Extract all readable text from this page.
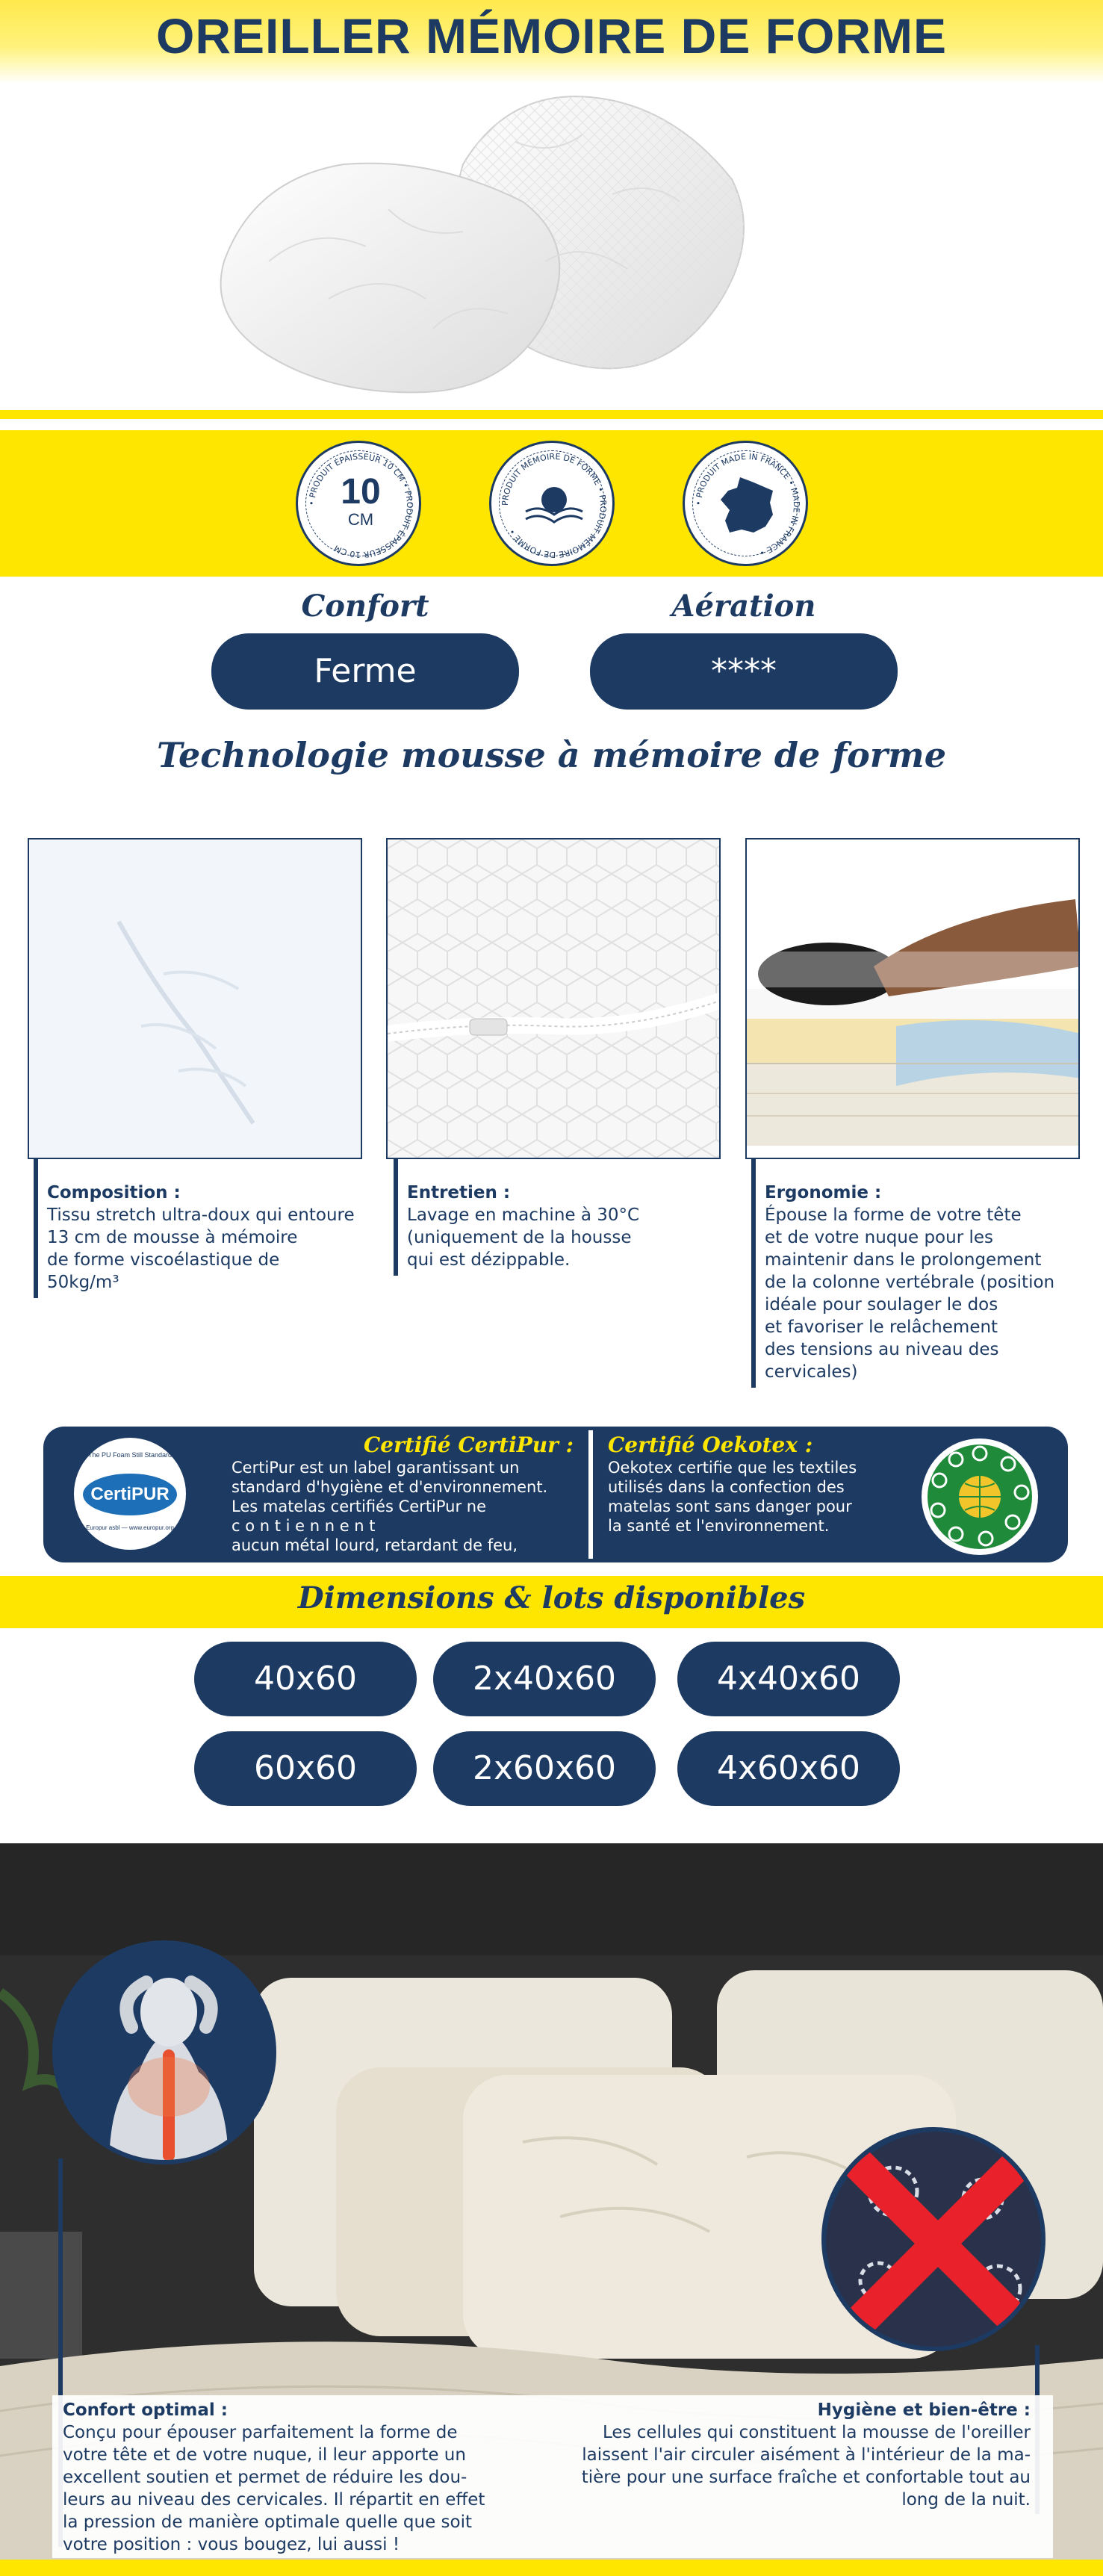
OREILLER MÉMOIRE DE FORME
• PRODUIT ÉPAISSEUR 10 CM • PRODUIT ÉPAISSEUR 10 CM
10
CM
PRODUIT MÉMOIRE DE FORME • PRODUIT MÉMOIRE DE FORME •
• PRODUIT MADE IN FRANCE • MADE IN FRANCE •
Confort	Aération
Ferme	****
Technologie mousse à mémoire de forme
Composition :
Tissu stretch ultra-doux qui entoure
13 cm de mousse à mémoire
de forme viscoélastique de 50kg/m³
Entretien :
Lavage en machine à 30°C
(uniquement de la housse
qui est dézippable.
Ergonomie :
Épouse la forme de votre tête
et de votre nuque pour les
maintenir dans le prolongement
de la colonne vertébrale (position
idéale pour soulager le dos
et favoriser le relâchement
des tensions au niveau des
cervicales)
The PU Foam Still Standard
CertiPUR
Europur asbl — www.europur.org
Certifié CertiPur :
CertiPur est un label garantissant un
standard d'hygiène et d'environnement.
Les matelas certifiés CertiPur ne
c o n t i e n n e n t
aucun métal lourd, retardant de feu,
Certifié Oekotex :
Oekotex certifie que les textiles
utilisés dans la confection des
matelas sont sans danger pour
la santé et l'environnement.
Dimensions & lots disponibles
40x60	2x40x60	4x40x60
60x60	2x60x60	4x60x60
Confort optimal :
Conçu pour épouser parfaitement la forme de
votre tête et de votre nuque, il leur apporte un
excellent soutien et permet de réduire les dou-
leurs au niveau des cervicales. Il répartit en effet
la pression de manière optimale quelle que soit
votre position : vous bougez, lui aussi !
Hygiène et bien-être :
Les cellules qui constituent la mousse de l'oreiller
laissent l'air circuler aisément à l'intérieur de la ma-
tière pour une surface fraîche et confortable tout au
long de la nuit.
